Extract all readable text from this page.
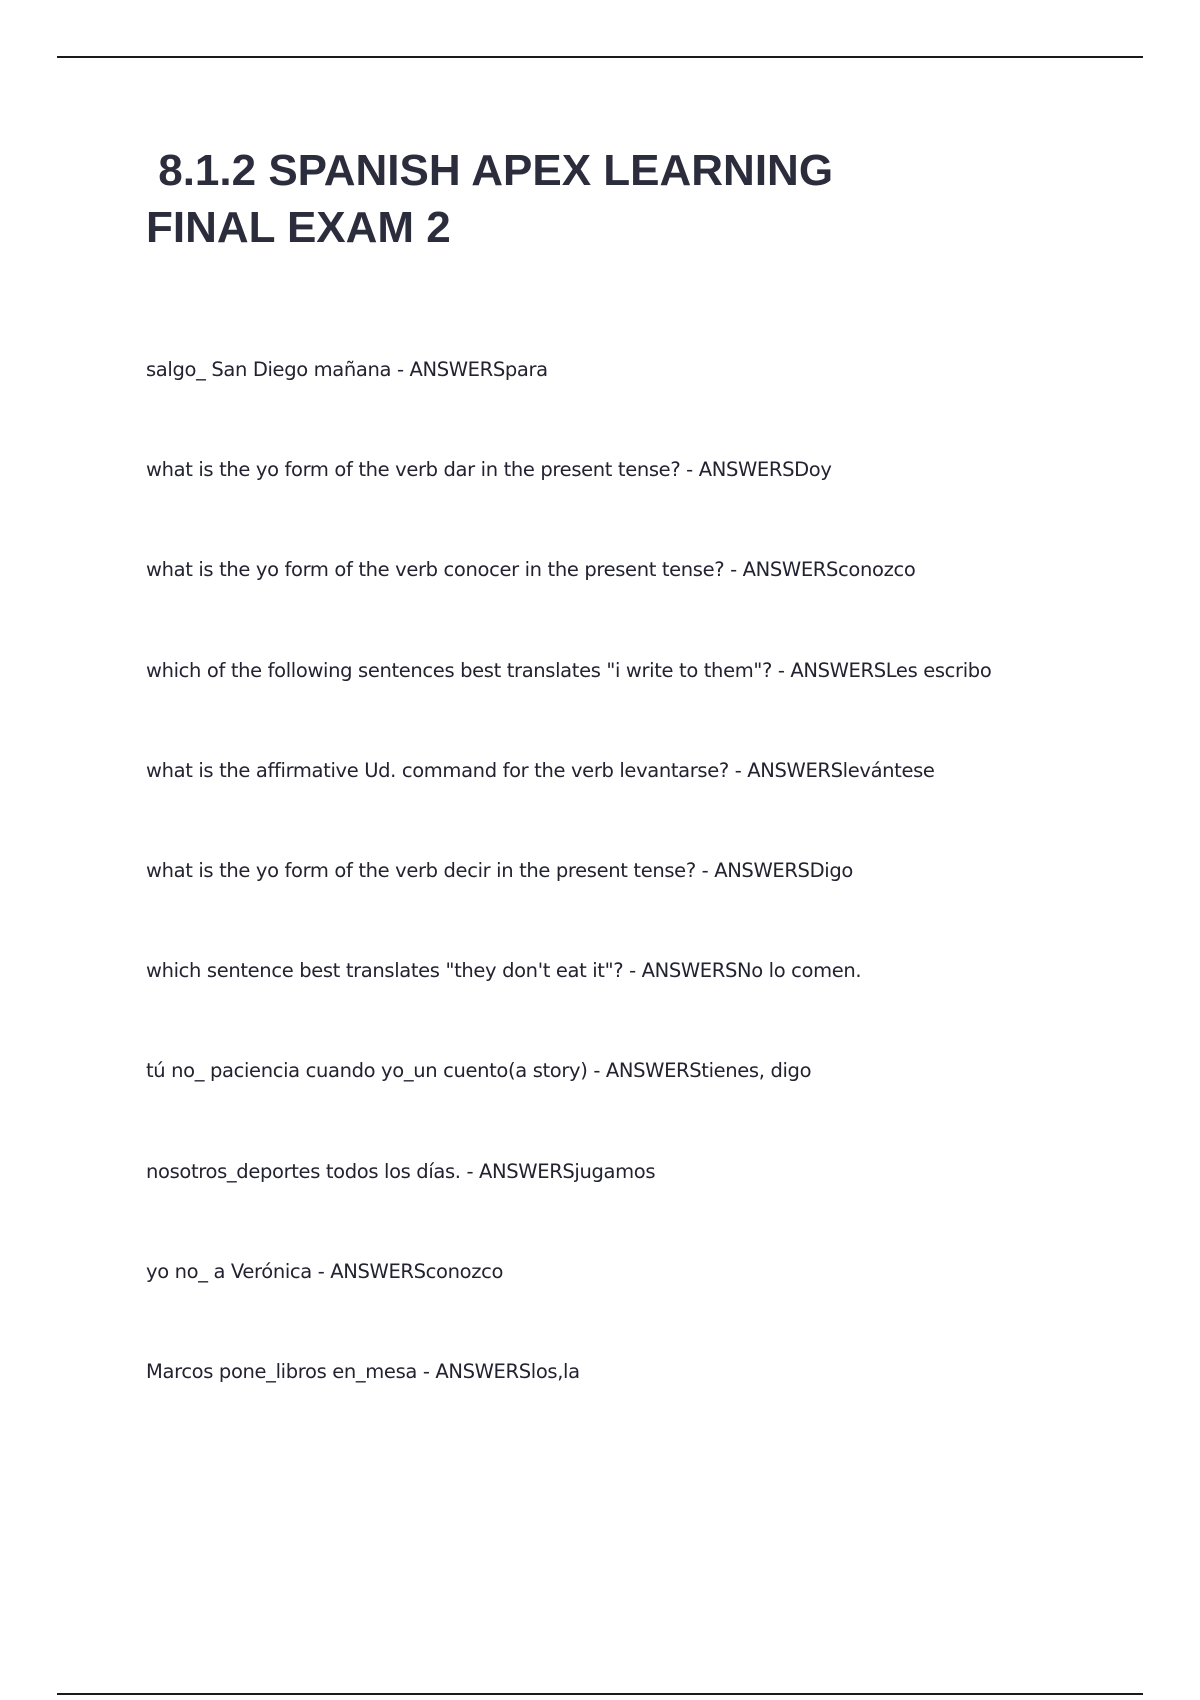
8.1.2 SPANISH APEX LEARNING
FINAL EXAM 2
salgo_ San Diego mañana - ANSWERSpara
what is the yo form of the verb dar in the present tense? - ANSWERSDoy
what is the yo form of the verb conocer in the present tense? - ANSWERSconozco
which of the following sentences best translates "i write to them"? - ANSWERSLes escribo
what is the affirmative Ud. command for the verb levantarse? - ANSWERSlevántese
what is the yo form of the verb decir in the present tense? - ANSWERSDigo
which sentence best translates "they don't eat it"? - ANSWERSNo lo comen.
tú no_ paciencia cuando yo_un cuento(a story) - ANSWERStienes, digo
nosotros_deportes todos los días. - ANSWERSjugamos
yo no_ a Verónica - ANSWERSconozco
Marcos pone_libros en_mesa - ANSWERSlos,la
